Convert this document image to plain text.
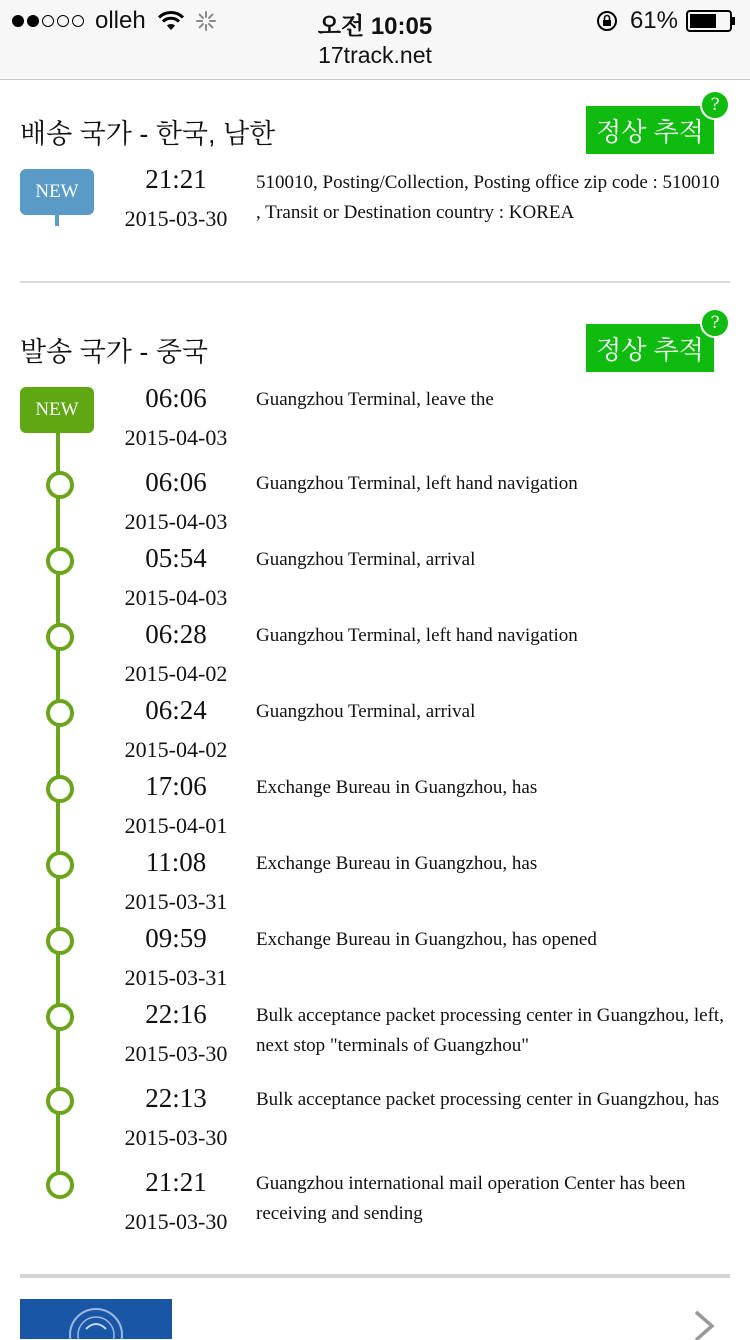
olleh	오전 10:05
17track.net
61%
배송 국가 - 한국, 남한	정상 추적
?
NEW	21:21
2015-03-30
510010, Posting/Collection, Posting office zip code : 510010 , Transit or Destination country : KOREA
발송 국가 - 중국	정상 추적
?
NEW	06:06
2015-04-03
Guangzhou Terminal, leave the
06:06
2015-04-03
Guangzhou Terminal, left hand navigation
05:54
2015-04-03
Guangzhou Terminal, arrival
06:28
2015-04-02
Guangzhou Terminal, left hand navigation
06:24
2015-04-02
Guangzhou Terminal, arrival
17:06
2015-04-01
Exchange Bureau in Guangzhou, has
11:08
2015-03-31
Exchange Bureau in Guangzhou, has
09:59
2015-03-31
Exchange Bureau in Guangzhou, has opened
22:16
2015-03-30
Bulk acceptance packet processing center in Guangzhou, left, next stop "terminals of Guangzhou"
22:13
2015-03-30
Bulk acceptance packet processing center in Guangzhou, has
21:21
2015-03-30
Guangzhou international mail operation Center has been receiving and sending
